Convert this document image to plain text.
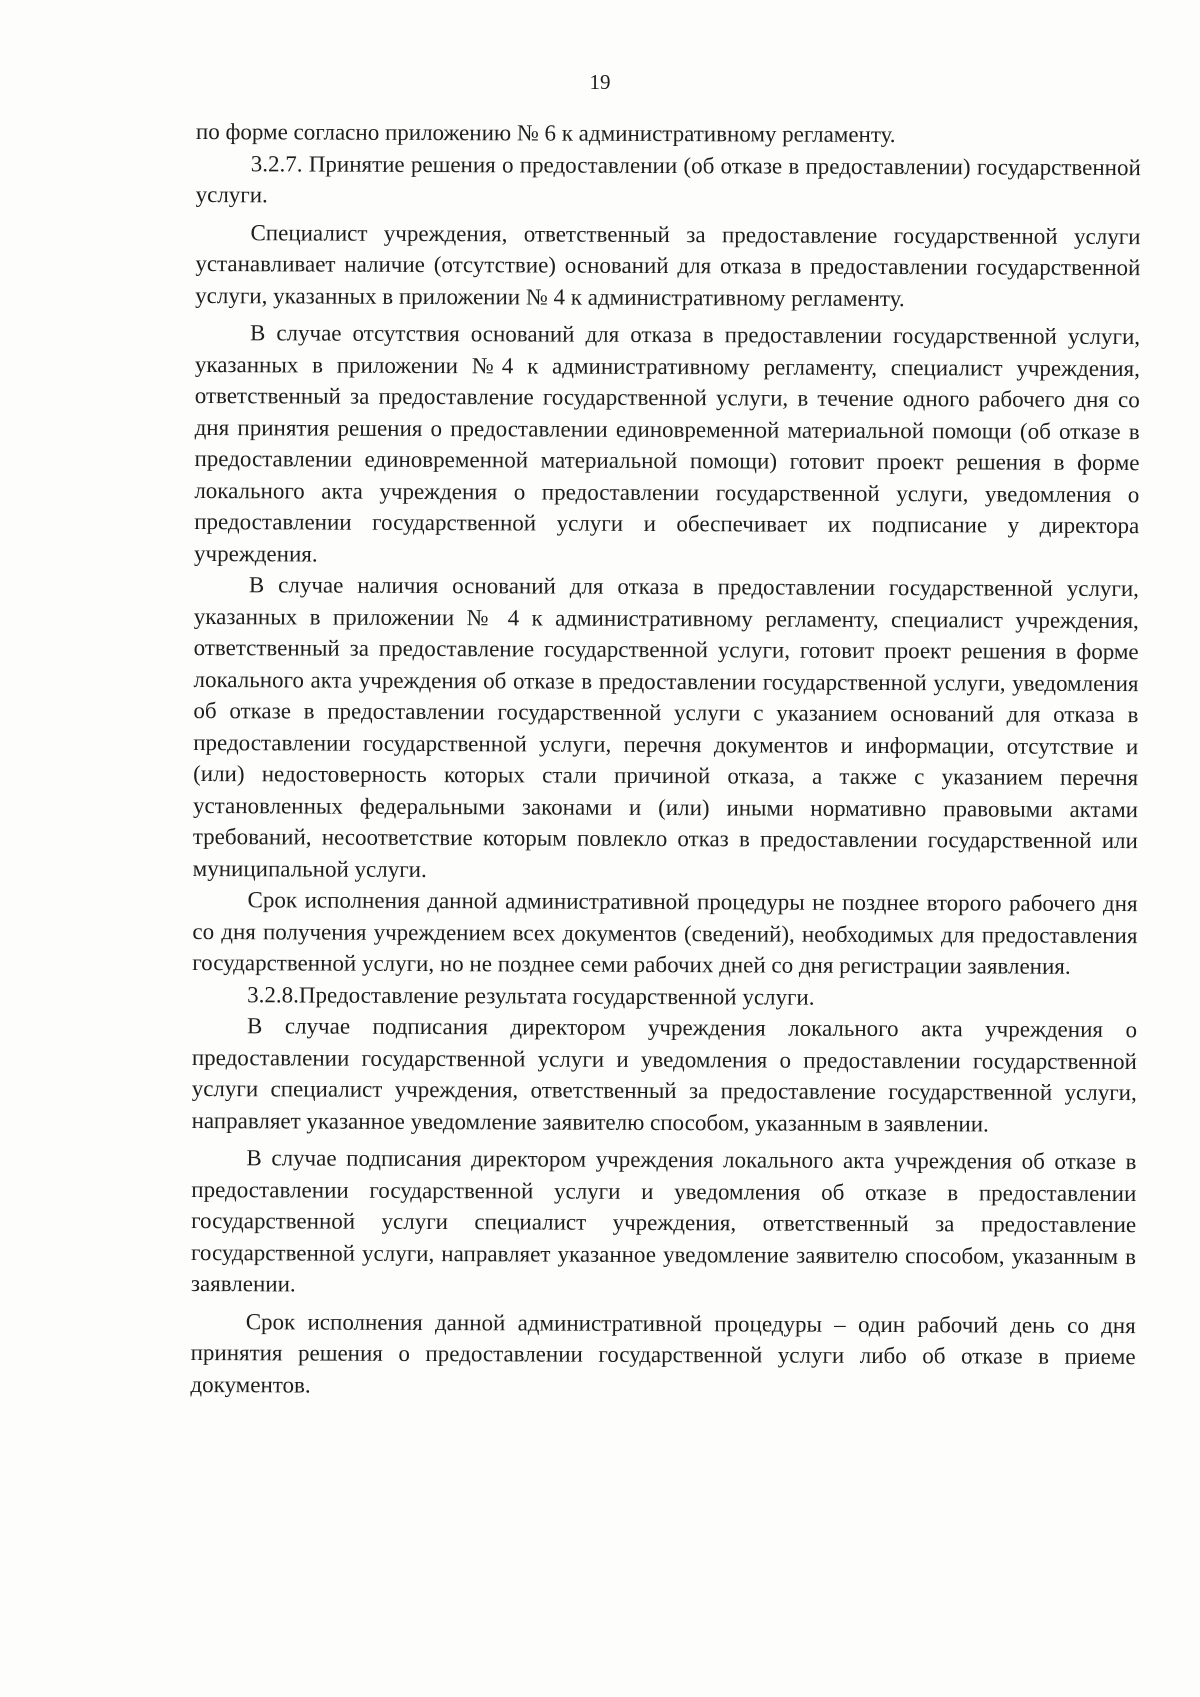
19

по форме согласно приложению № 6 к административному регламенту.

3.2.7. Принятие решения о предоставлении (об отказе в предоставлении) государственной услуги.

Специалист учреждения, ответственный за предоставление государственной услуги устанавливает наличие (отсутствие) оснований для отказа в предоставлении государственной услуги, указанных в приложении № 4 к административному регламенту.

В случае отсутствия оснований для отказа в предоставлении государственной услуги, указанных в приложении №4 к административному регламенту, специалист учреждения, ответственный за предоставление государственной услуги, в течение одного рабочего дня со дня принятия решения о предоставлении единовременной материальной помощи (об отказе в предоставлении единовременной материальной помощи) готовит проект решения в форме локального акта учреждения о предоставлении государственной услуги, уведомления о предоставлении государственной услуги и обеспечивает их подписание у директора учреждения.

В случае наличия оснований для отказа в предоставлении государственной услуги, указанных в приложении № 4 к административному регламенту, специалист учреждения, ответственный за предоставление государственной услуги, готовит проект решения в форме локального акта учреждения об отказе в предоставлении государственной услуги, уведомления об отказе в предоставлении государственной услуги с указанием оснований для отказа в предоставлении государственной услуги, перечня документов и информации, отсутствие и (или) недостоверность которых стали причиной отказа, а также с указанием перечня установленных федеральными законами и (или) иными нормативно правовыми актами требований, несоответствие которым повлекло отказ в предоставлении государственной или муниципальной услуги.

Срок исполнения данной административной процедуры не позднее второго рабочего дня со дня получения учреждением всех документов (сведений), необходимых для предоставления государственной услуги, но не позднее семи рабочих дней со дня регистрации заявления.

3.2.8.Предоставление результата государственной услуги.

В случае подписания директором учреждения локального акта учреждения о предоставлении государственной услуги и уведомления о предоставлении государственной услуги специалист учреждения, ответственный за предоставление государственной услуги, направляет указанное уведомление заявителю способом, указанным в заявлении.

В случае подписания директором учреждения локального акта учреждения об отказе в предоставлении государственной услуги и уведомления об отказе в предоставлении государственной услуги специалист учреждения, ответственный за предоставление государственной услуги, направляет указанное уведомление заявителю способом, указанным в заявлении.

Срок исполнения данной административной процедуры – один рабочий день со дня принятия решения о предоставлении государственной услуги либо об отказе в приеме документов.
